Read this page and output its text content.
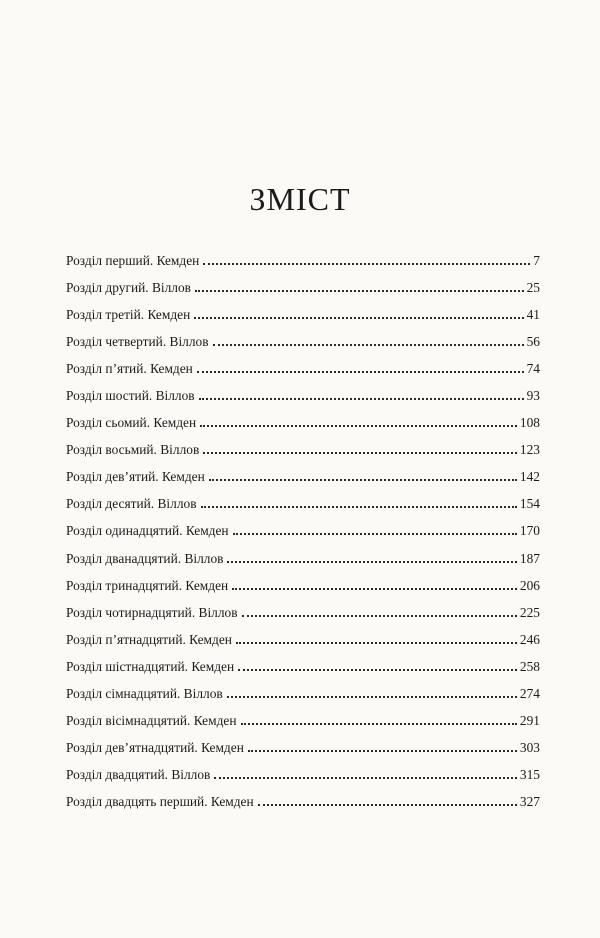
ЗМІСТ
Розділ перший. Кемден	7
Розділ другий. Віллов	25
Розділ третій. Кемден	41
Розділ четвертий. Віллов	56
Розділ п’ятий. Кемден	74
Розділ шостий. Віллов	93
Розділ сьомий. Кемден	108
Розділ восьмий. Віллов	123
Розділ дев’ятий. Кемден	142
Розділ десятий. Віллов	154
Розділ одинадцятий. Кемден	170
Розділ дванадцятий. Віллов	187
Розділ тринадцятий. Кемден	206
Розділ чотирнадцятий. Віллов	225
Розділ п’ятнадцятий. Кемден	246
Розділ шістнадцятий. Кемден	258
Розділ сімнадцятий. Віллов	274
Розділ вісімнадцятий. Кемден	291
Розділ дев’ятнадцятий. Кемден	303
Розділ двадцятий. Віллов	315
Розділ двадцять перший. Кемден	327
